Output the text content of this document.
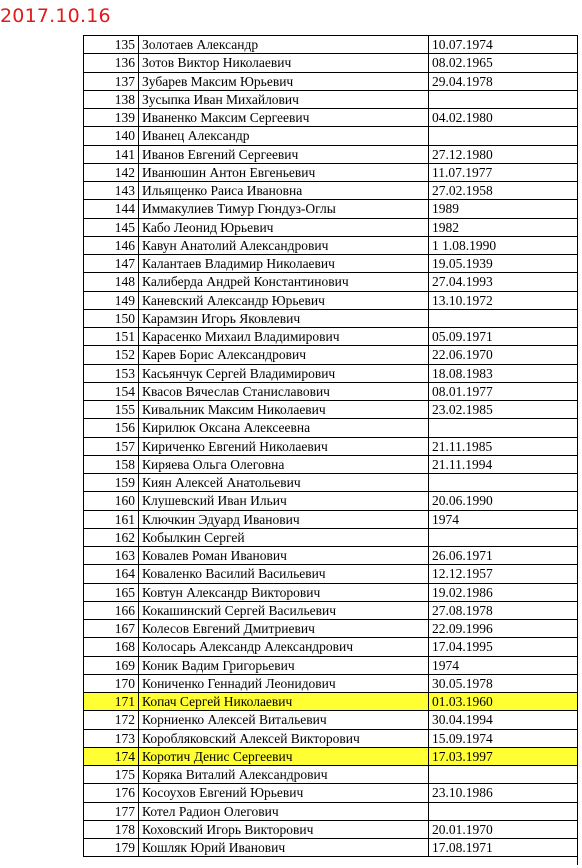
2017.10.16
135	Золотаев Александр	10.07.1974
136	Зотов Виктор Николаевич	08.02.1965
137	Зубарев Максим Юрьевич	29.04.1978
138	Зусыпка Иван Михайлович	
139	Иваненко Максим Сергеевич	04.02.1980
140	Иванец Александр	
141	Иванов Евгений Сергеевич	27.12.1980
142	Иванюшин Антон Евгеньевич	11.07.1977
143	Ильященко Раиса Ивановна	27.02.1958
144	Иммакулиев Тимур Гюндуз-Оглы	1989
145	Кабо Леонид Юрьевич	1982
146	Кавун Анатолий Александрович	1 1.08.1990
147	Калантаев Владимир Николаевич	19.05.1939
148	Калиберда Андрей Константинович	27.04.1993
149	Каневский Александр Юрьевич	13.10.1972
150	Карамзин Игорь Яковлевич	
151	Карасенко Михаил Владимирович	05.09.1971
152	Карев Борис Александрович	22.06.1970
153	Касьянчук Сергей Владимирович	18.08.1983
154	Квасов Вячеслав Станиславович	08.01.1977
155	Кивальник Максим Николаевич	23.02.1985
156	Кирилюк Оксана Алексеевна	
157	Кириченко Евгений Николаевич	21.11.1985
158	Киряева Ольга Олеговна	21.11.1994
159	Киян Алексей Анатольевич	
160	Клушевский Иван Ильич	20.06.1990
161	Ключкин Эдуард Иванович	1974
162	Кобылкин Сергей	
163	Ковалев Роман Иванович	26.06.1971
164	Коваленко Василий Васильевич	12.12.1957
165	Ковтун Александр Викторович	19.02.1986
166	Кокашинский Сергей Васильевич	27.08.1978
167	Колесов Евгений Дмитриевич	22.09.1996
168	Колосарь Александр Александрович	17.04.1995
169	Коник Вадим Григорьевич	1974
170	Кониченко Геннадий Леонидович	30.05.1978
171	Копач Сергей Николаевич	01.03.1960
172	Корниенко Алексей Витальевич	30.04.1994
173	Коробляковский Алексей Викторович	15.09.1974
174	Коротич Денис Сергеевич	17.03.1997
175	Коряка Виталий Александрович	
176	Косоухов Евгений Юрьевич	23.10.1986
177	Котел Радион Олегович	
178	Коховский Игорь Викторович	20.01.1970
179	Кошляк Юрий Иванович	17.08.1971
